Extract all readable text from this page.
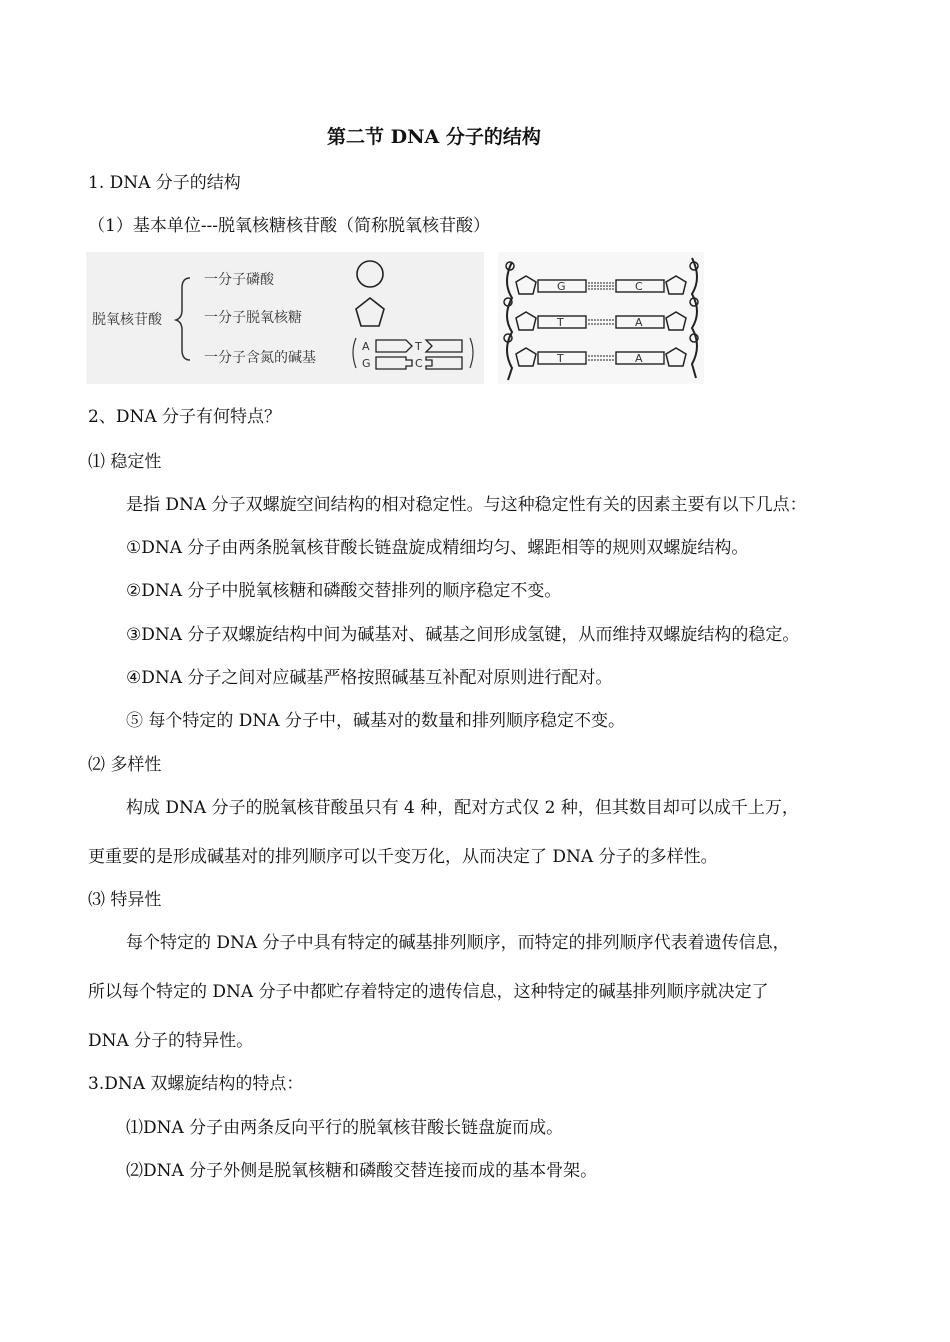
第二节 DNA 分子的结构
1. DNA 分子的结构
（1）基本单位---脱氧核糖核苷酸（简称脱氧核苷酸）
脱氧核苷酸
一分子磷酸
一分子脱氧核糖
一分子含氮的碱基
A	T
G	C
G	C
T	A
T	A
2、DNA 分子有何特点？
⑴ 稳定性
是指 DNA 分子双螺旋空间结构的相对稳定性。与这种稳定性有关的因素主要有以下几点：
①DNA 分子由两条脱氧核苷酸长链盘旋成精细均匀、螺距相等的规则双螺旋结构。
②DNA 分子中脱氧核糖和磷酸交替排列的顺序稳定不变。
③DNA 分子双螺旋结构中间为碱基对、碱基之间形成氢键，从而维持双螺旋结构的稳定。
④DNA 分子之间对应碱基严格按照碱基互补配对原则进行配对。
⑤ 每个特定的 DNA 分子中，碱基对的数量和排列顺序稳定不变。
⑵ 多样性
构成 DNA 分子的脱氧核苷酸虽只有 4 种，配对方式仅 2 种，但其数目却可以成千上万，
更重要的是形成碱基对的排列顺序可以千变万化，从而决定了 DNA 分子的多样性。
⑶ 特异性
每个特定的 DNA 分子中具有特定的碱基排列顺序，而特定的排列顺序代表着遗传信息，
所以每个特定的 DNA 分子中都贮存着特定的遗传信息，这种特定的碱基排列顺序就决定了
DNA 分子的特异性。
3.DNA 双螺旋结构的特点：
⑴DNA 分子由两条反向平行的脱氧核苷酸长链盘旋而成。
⑵DNA 分子外侧是脱氧核糖和磷酸交替连接而成的基本骨架。
